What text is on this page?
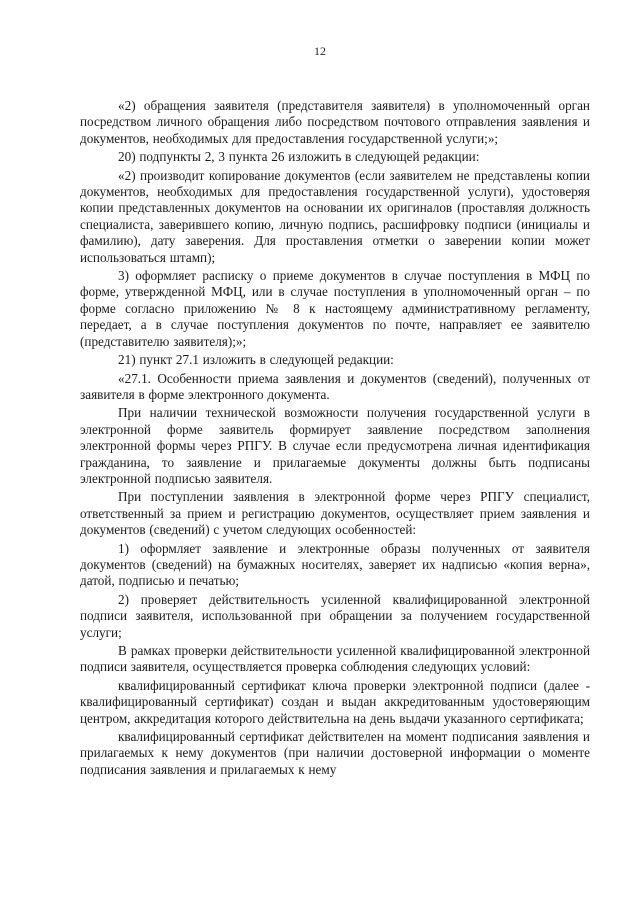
12

«2) обращения заявителя (представителя заявителя) в уполномоченный орган посредством личного обращения либо посредством почтового отправления заявления и документов, необходимых для предоставления государственной услуги;»;

20) подпункты 2, 3 пункта 26 изложить в следующей редакции:

«2) производит копирование документов (если заявителем не представлены копии документов, необходимых для предоставления государственной услуги), удостоверяя копии представленных документов на основании их оригиналов (проставляя должность специалиста, заверившего копию, личную подпись, расшифровку подписи (инициалы и фамилию), дату заверения. Для проставления отметки о заверении копии может использоваться штамп);

3) оформляет расписку о приеме документов в случае поступления в МФЦ по форме, утвержденной МФЦ, или в случае поступления в уполномоченный орган – по форме согласно приложению № 8 к настоящему административному регламенту, передает, а в случае поступления документов по почте, направляет ее заявителю (представителю заявителя);»;

21) пункт 27.1 изложить в следующей редакции:

«27.1. Особенности приема заявления и документов (сведений), полученных от заявителя в форме электронного документа.

При наличии технической возможности получения государственной услуги в электронной форме заявитель формирует заявление посредством заполнения электронной формы через РПГУ. В случае если предусмотрена личная идентификация гражданина, то заявление и прилагаемые документы должны быть подписаны электронной подписью заявителя.

При поступлении заявления в электронной форме через РПГУ специалист, ответственный за прием и регистрацию документов, осуществляет прием заявления и документов (сведений) с учетом следующих особенностей:

1) оформляет заявление и электронные образы полученных от заявителя документов (сведений) на бумажных носителях, заверяет их надписью «копия верна», датой, подписью и печатью;

2) проверяет действительность усиленной квалифицированной электронной подписи заявителя, использованной при обращении за получением государственной услуги;

В рамках проверки действительности усиленной квалифицированной электронной подписи заявителя, осуществляется проверка соблюдения следующих условий:

квалифицированный сертификат ключа проверки электронной подписи (далее - квалифицированный сертификат) создан и выдан аккредитованным удостоверяющим центром, аккредитация которого действительна на день выдачи указанного сертификата;

квалифицированный сертификат действителен на момент подписания заявления и прилагаемых к нему документов (при наличии достоверной информации о моменте подписания заявления и прилагаемых к нему
